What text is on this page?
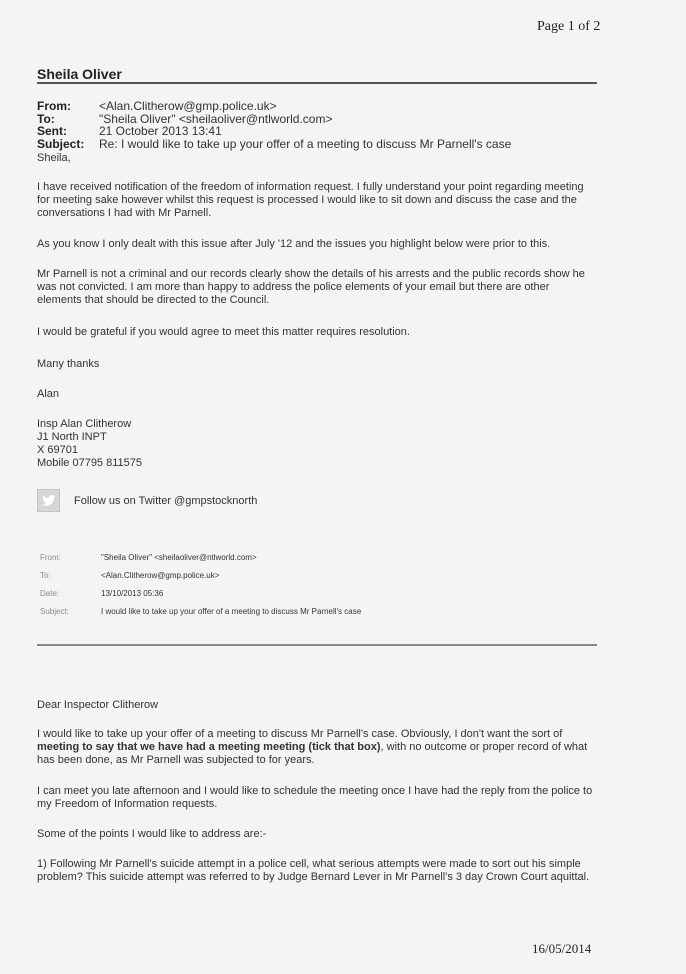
Page 1 of 2
Sheila Oliver
From:	<Alan.Clitherow@gmp.police.uk>
To:	"Sheila Oliver" <sheilaoliver@ntlworld.com>
Sent:	21 October 2013 13:41
Subject:	Re: I would like to take up your offer of a meeting to discuss Mr Parnell's case
Sheila,
I have received notification of the freedom of information request. I fully understand your point regarding meeting for meeting sake however whilst this request is processed I would like to sit down and discuss the case and the conversations I had with Mr Parnell.
As you know I only dealt with this issue after July '12 and the issues you highlight below were prior to this.
Mr Parnell is not a criminal and our records clearly show the details of his arrests and the public records show he was not convicted. I am more than happy to address the police elements of your email but there are other elements that should be directed to the Council.
I would be grateful if you would agree to meet this matter requires resolution.
Many thanks
Alan

Insp Alan Clitherow

J1 North INPT

X 69701

Mobile 07795 811575

Follow us on Twitter @gmpstocknorth
From:	"Sheila Oliver" <sheilaoliver@ntlworld.com>
To:	<Alan.Clitherow@gmp.police.uk>
Date:	13/10/2013 05:36
Subject:	I would like to take up your offer of a meeting to discuss Mr Parnell's case
Dear Inspector Clitherow
I would like to take up your offer of a meeting to discuss Mr Parnell's case. Obviously, I don't want the sort of meeting to say that we have had a meeting meeting (tick that box), with no outcome or proper record of what has been done, as Mr Parnell was subjected to for years.
I can meet you late afternoon and I would like to schedule the meeting once I have had the reply from the police to my Freedom of Information requests.
Some of the points I would like to address are:-
1) Following Mr Parnell's suicide attempt in a police cell, what serious attempts were made to sort out his simple problem? This suicide attempt was referred to by Judge Bernard Lever in Mr Parnell's 3 day Crown Court aquittal.
16/05/2014
